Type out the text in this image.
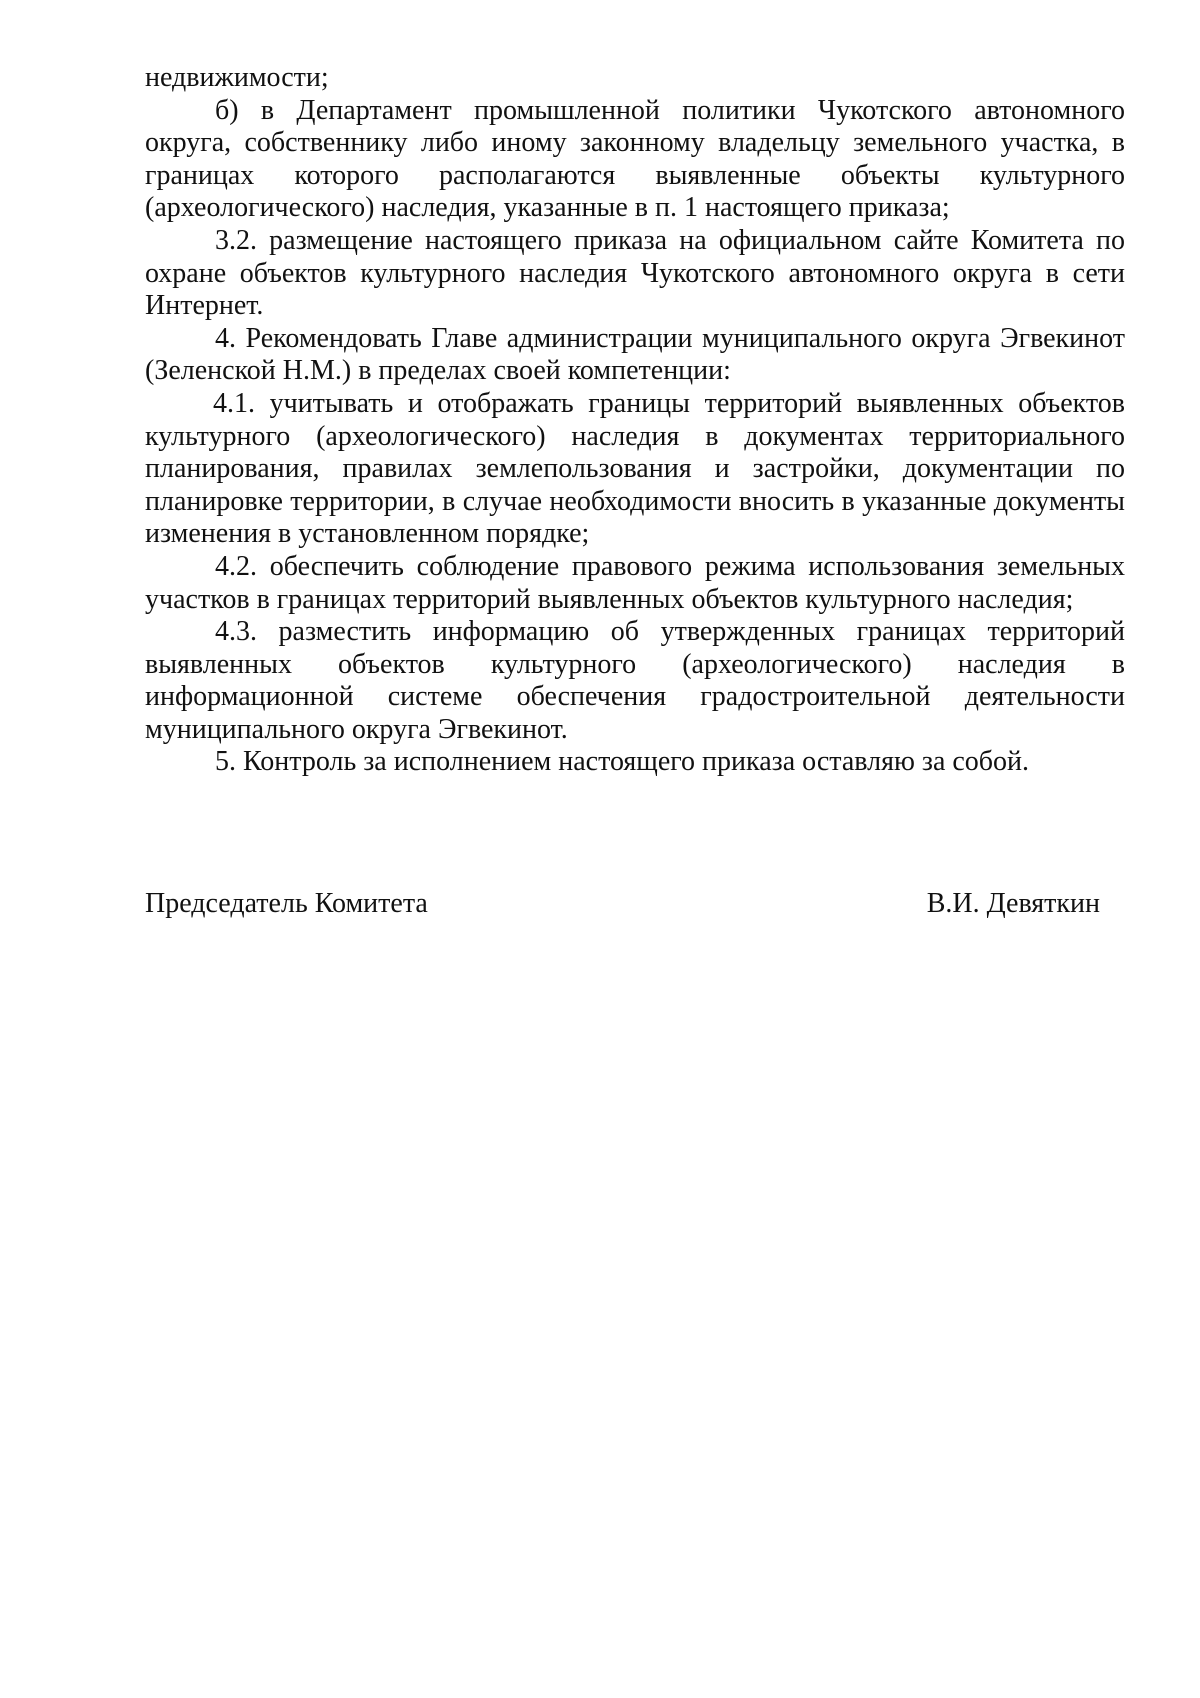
недвижимости;

б) в Департамент промышленной политики Чукотского автономного округа, собственнику либо иному законному владельцу земельного участка, в границах которого располагаются выявленные объекты культурного (археологического) наследия, указанные в п. 1 настоящего приказа;

3.2. размещение настоящего приказа на официальном сайте Комитета по охране объектов культурного наследия Чукотского автономного округа в сети Интернет.

4. Рекомендовать Главе администрации муниципального округа Эгвекинот (Зеленской Н.М.) в пределах своей компетенции:

4.1. учитывать и отображать границы территорий выявленных объектов культурного (археологического) наследия в документах территориального планирования, правилах землепользования и застройки, документации по планировке территории, в случае необходимости вносить в указанные документы изменения в установленном порядке;

4.2. обеспечить соблюдение правового режима использования земельных участков в границах территорий выявленных объектов культурного наследия;

4.3. разместить информацию об утвержденных границах территорий выявленных объектов культурного (археологического) наследия в информационной системе обеспечения градостроительной деятельности муниципального округа Эгвекинот.

5. Контроль за исполнением настоящего приказа оставляю за собой.

Председатель Комитета	В.И. Девяткин
